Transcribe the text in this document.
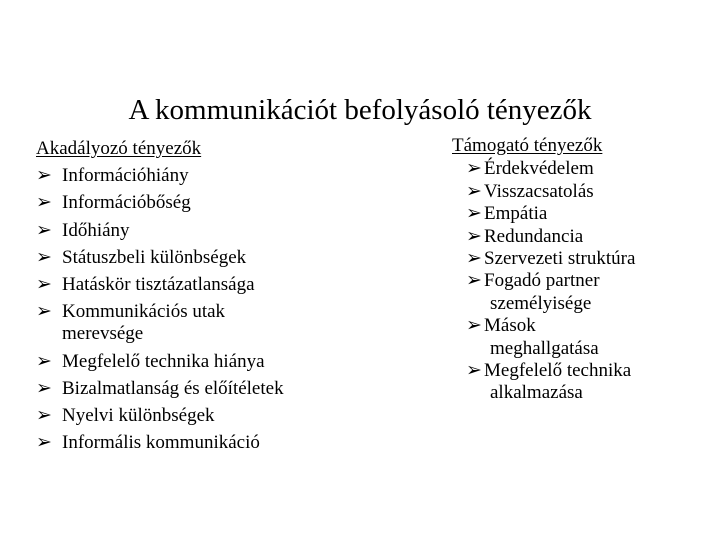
A kommunikációt befolyásoló tényezők
Akadályozó tényezők
➢ Információhiány
➢ Információbőség
➢ Időhiány
➢ Státuszbeli különbségek
➢ Hatáskör tisztázatlansága
➢ Kommunikációs utak
merevsége
➢ Megfelelő technika hiánya
➢ Bizalmatlanság és előítéletek
➢ Nyelvi különbségek
➢ Informális kommunikáció
Támogató tényezők
➢ Érdekvédelem
➢ Visszacsatolás
➢ Empátia
➢ Redundancia
➢ Szervezeti struktúra
➢ Fogadó partner
személyisége
➢ Mások
meghallgatása
➢ Megfelelő technika
alkalmazása
